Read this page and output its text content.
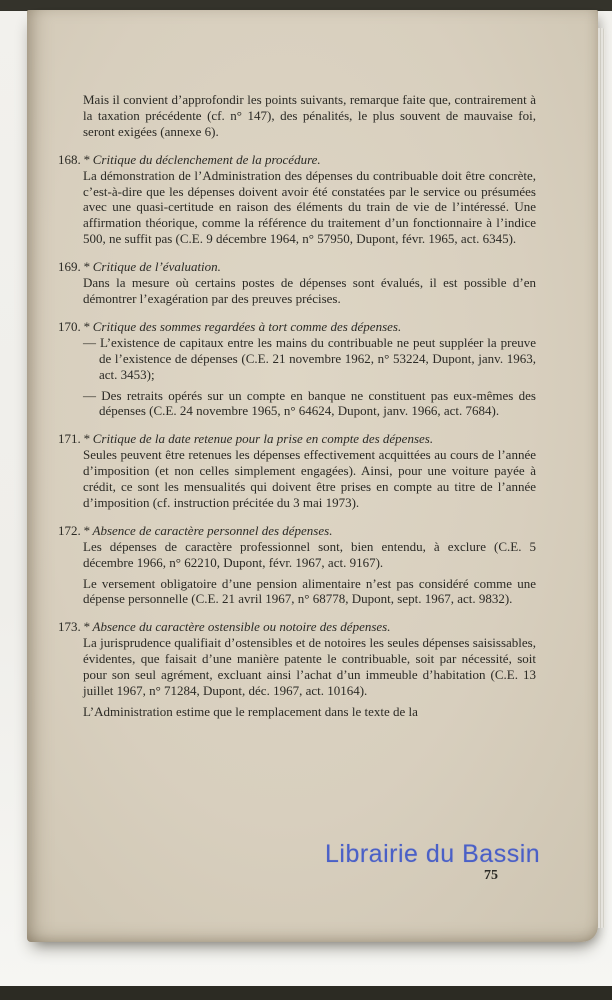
Mais il convient d’approfondir les points suivants, remarque faite que, contrairement à la taxation précédente (cf. n° 147), des pénalités, le plus souvent de mauvaise foi, seront exigées (annexe 6).

168. * Critique du déclenchement de la procédure.

La démonstration de l’Administration des dépenses du contribuable doit être concrète, c’est-à-dire que les dépenses doivent avoir été constatées par le service ou présumées avec une quasi-certitude en raison des éléments du train de vie de l’intéressé. Une affirmation théorique, comme la référence du traitement d’un fonctionnaire à l’indice 500, ne suffit pas (C.E. 9 décembre 1964, n° 57950, Dupont, févr. 1965, act. 6345).

169. * Critique de l’évaluation.

Dans la mesure où certains postes de dépenses sont évalués, il est possible d’en démontrer l’exagération par des preuves précises.

170. * Critique des sommes regardées à tort comme des dépenses.

— L’existence de capitaux entre les mains du contribuable ne peut suppléer la preuve de l’existence de dépenses (C.E. 21 novembre 1962, n° 53224, Dupont, janv. 1963, act. 3453);

— Des retraits opérés sur un compte en banque ne constituent pas eux-mêmes des dépenses (C.E. 24 novembre 1965, n° 64624, Dupont, janv. 1966, act. 7684).

171. * Critique de la date retenue pour la prise en compte des dépenses.

Seules peuvent être retenues les dépenses effectivement acquittées au cours de l’année d’imposition (et non celles simplement engagées). Ainsi, pour une voiture payée à crédit, ce sont les mensualités qui doivent être prises en compte au titre de l’année d’imposition (cf. instruction précitée du 3 mai 1973).

172. * Absence de caractère personnel des dépenses.

Les dépenses de caractère professionnel sont, bien entendu, à exclure (C.E. 5 décembre 1966, n° 62210, Dupont, févr. 1967, act. 9167).

Le versement obligatoire d’une pension alimentaire n’est pas considéré comme une dépense personnelle (C.E. 21 avril 1967, n° 68778, Dupont, sept. 1967, act. 9832).

173. * Absence du caractère ostensible ou notoire des dépenses.

La jurisprudence qualifiait d’ostensibles et de notoires les seules dépenses saisissables, évidentes, que faisait d’une manière patente le contribuable, soit par nécessité, soit pour son seul agrément, excluant ainsi l’achat d’un immeuble d’habitation (C.E. 13 juillet 1967, n° 71284, Dupont, déc. 1967, act. 10164).

L’Administration estime que le remplacement dans le texte de la

75
Librairie du Bassin
